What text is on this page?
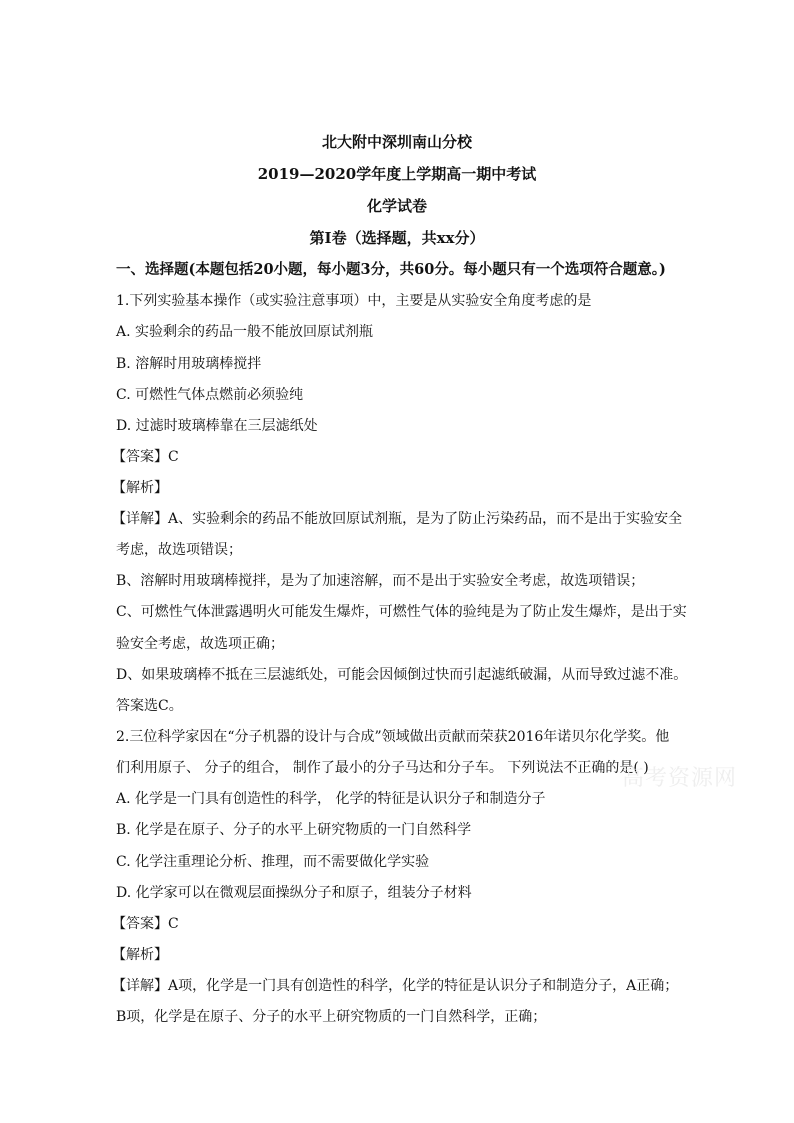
北大附中深圳南山分校
2019—2020学年度上学期高一期中考试
化学试卷
第Ⅰ卷（选择题，共xx分）
一、选择题(本题包括20小题，每小题3分，共60分。每小题只有一个选项符合题意。)
1.下列实验基本操作（或实验注意事项）中，主要是从实验安全角度考虑的是
A. 实验剩余的药品一般不能放回原试剂瓶
B. 溶解时用玻璃棒搅拌
C. 可燃性气体点燃前必须验纯
D. 过滤时玻璃棒靠在三层滤纸处
【答案】C
【解析】
【详解】A、实验剩余的药品不能放回原试剂瓶，是为了防止污染药品，而不是出于实验安全
考虑，故选项错误；
B、溶解时用玻璃棒搅拌，是为了加速溶解，而不是出于实验安全考虑，故选项错误；
C、可燃性气体泄露遇明火可能发生爆炸，可燃性气体的验纯是为了防止发生爆炸，是出于实
验安全考虑，故选项正确；
D、如果玻璃棒不抵在三层滤纸处，可能会因倾倒过快而引起滤纸破漏，从而导致过滤不准。
答案选C。
2.三位科学家因在“分子机器的设计与合成”领域做出贡献而荣获2016年诺贝尔化学奖。他
们利用原子、 分子的组合， 制作了最小的分子马达和分子车。 下列说法不正确的是( )
A. 化学是一门具有创造性的科学， 化学的特征是认识分子和制造分子
B. 化学是在原子、分子的水平上研究物质的一门自然科学
C. 化学注重理论分析、推理，而不需要做化学实验
D. 化学家可以在微观层面操纵分子和原子，组装分子材料
【答案】C
【解析】
【详解】A项，化学是一门具有创造性的科学，化学的特征是认识分子和制造分子，A正确；
B项，化学是在原子、分子的水平上研究物质的一门自然科学，正确；
高考资源网
